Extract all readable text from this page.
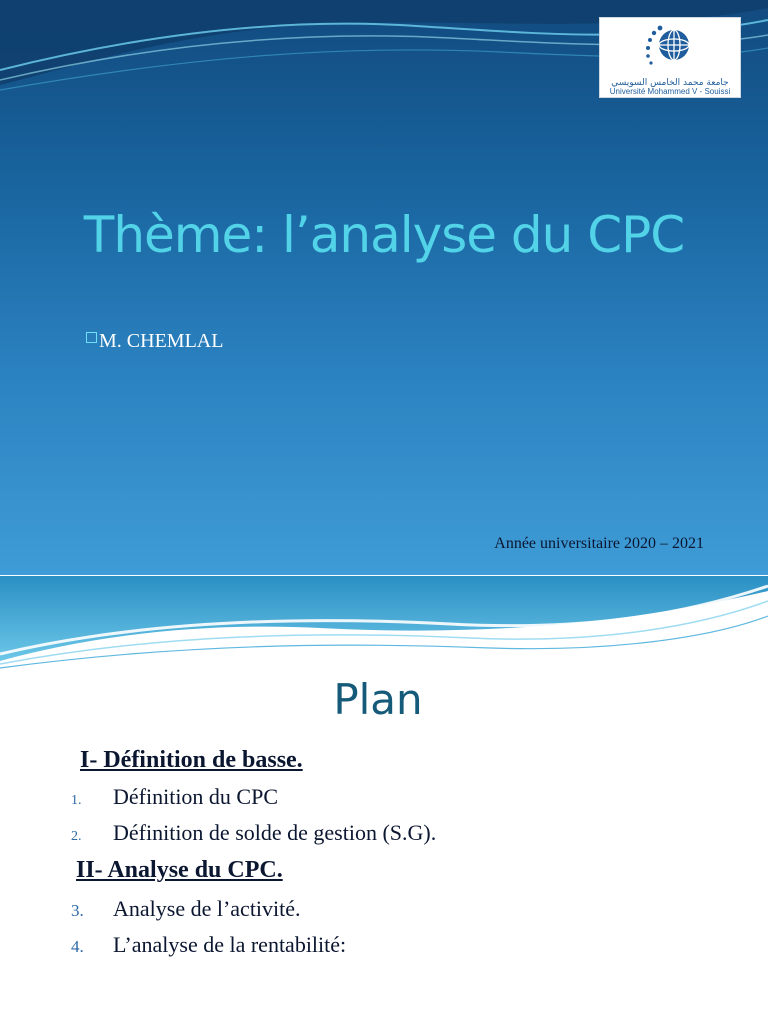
جامعة محمد الخامس السويسي
Université Mohammed V - Souissi
Thème: l’analyse du CPC
M. CHEMLAL
Année universitaire 2020 – 2021
Plan
I- Définition de basse.
1. Définition du CPC
2. Définition de solde de gestion (S.G).
II- Analyse du CPC.
3. Analyse de l’activité.
4. L’analyse de la rentabilité:
